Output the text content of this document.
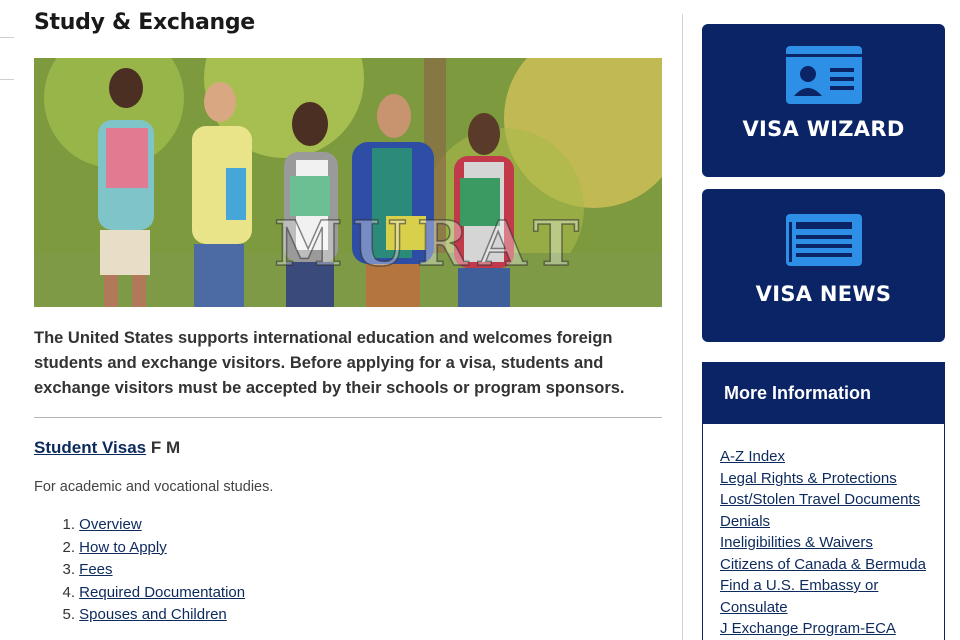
Study & Exchange
MURAT

The United States supports international education and welcomes foreign students and exchange visitors. Before applying for a visa, students and exchange visitors must be accepted by their schools or program sponsors.

Student Visas F M

For academic and vocational studies.

1.
Overview
2.
How to Apply
3.
Fees
4.
Required Documentation
5.
Spouses and Children
VISA WIZARD
VISA NEWS
More Information
A-Z Index
Legal Rights & Protections
Lost/Stolen Travel Documents
Denials
Ineligibilities & Waivers
Citizens of Canada & Bermuda
Find a U.S. Embassy or
Consulate
J Exchange Program-ECA
